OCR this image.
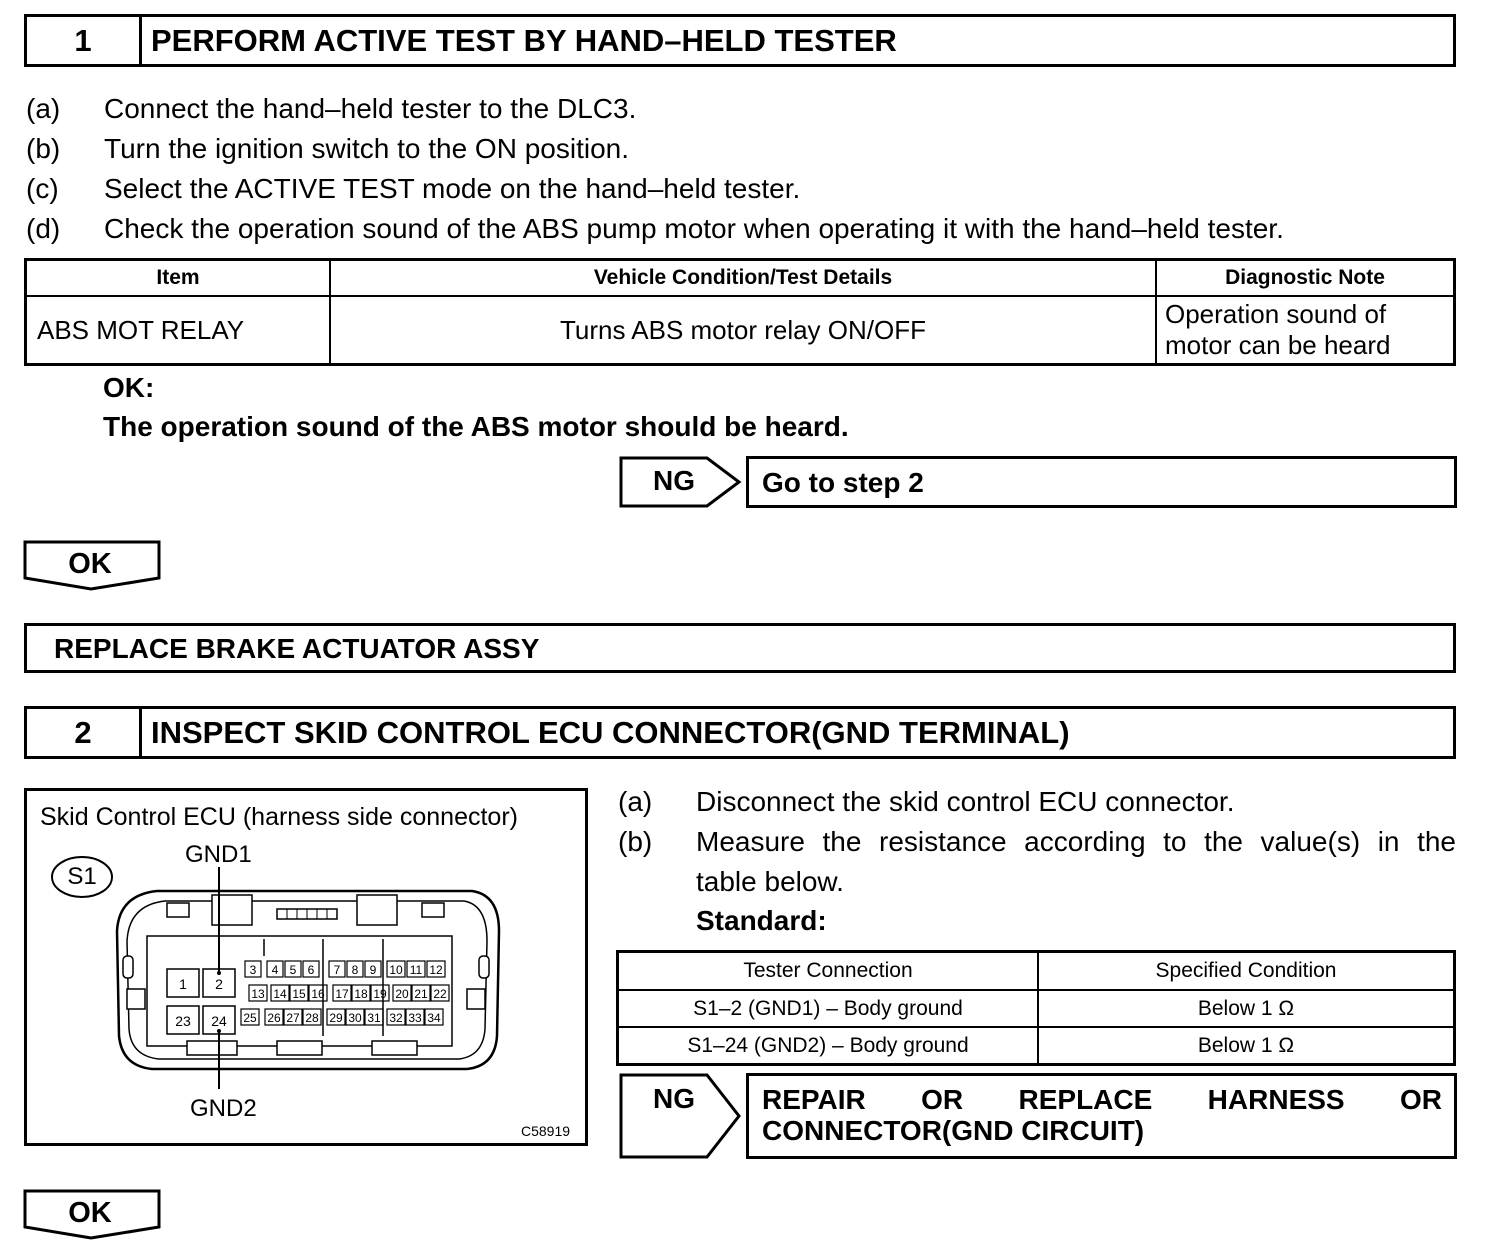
1	PERFORM ACTIVE TEST BY HAND–HELD TESTER
(a) Connect the hand–held tester to the DLC3.
(b) Turn the ignition switch to the ON position.
(c) Select the ACTIVE TEST mode on the hand–held tester.
(d) Check the operation sound of the ABS pump motor when operating it with the hand–held tester.
Item	Vehicle Condition/Test Details	Diagnostic Note
ABS MOT RELAY	Turns ABS motor relay ON/OFF	Operation sound of
motor can be heard
OK:
The operation sound of the ABS motor should be heard.
NG	Go to step 2
OK
REPLACE BRAKE ACTUATOR ASSY
2	INSPECT SKID CONTROL ECU CONNECTOR(GND TERMINAL)
Skid Control ECU (harness side connector)
1 2
23 24
3 4 5 6 7 8 9 10 11 12
13 14 15 16 17 18 19 20 21 22
25 26 27 28 29 30 31 32 33 34
S1
GND1
GND2
C58919
(a) Disconnect the skid control ECU connector.
(b) Measure the resistance according to the value(s) in the
table below.
Standard:
Tester Connection	Specified Condition
S1–2 (GND1) – Body ground	Below 1 Ω
S1–24 (GND2) – Body ground	Below 1 Ω
NG	REPAIR OR REPLACE HARNESS OR
CONNECTOR(GND CIRCUIT)
OK
